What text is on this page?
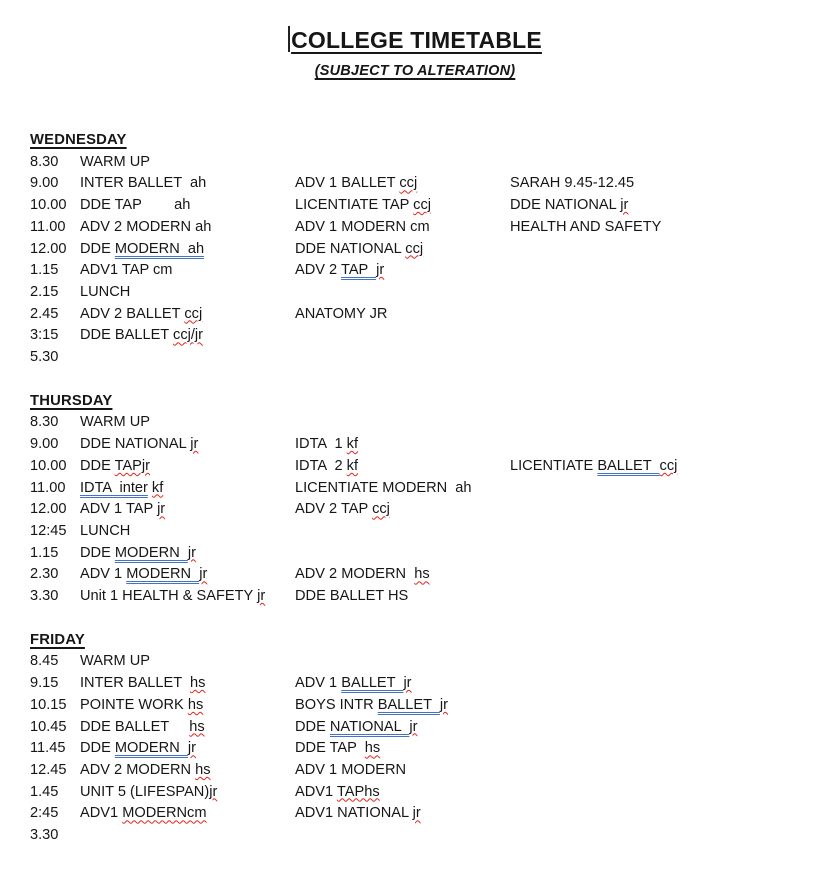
COLLEGE TIMETABLE
(SUBJECT TO ALTERATION)
WEDNESDAY
8.30	WARM UP
9.00	INTER BALLET  ah	ADV 1 BALLET ccj	SARAH 9.45-12.45
10.00 DDE TAP        ah	LICENTIATE TAP ccj	DDE NATIONAL jr
11.00 ADV 2 MODERN ah	ADV 1 MODERN cm	HEALTH AND SAFETY
12.00 DDE MODERN  ah	DDE NATIONAL ccj
1.15	ADV1 TAP cm	ADV 2 TAP  jr
2.15	LUNCH
2.45	ADV 2 BALLET ccj	ANATOMY JR
3:15	DDE BALLET ccj/jr
5.30
THURSDAY
8.30	WARM UP
9.00	DDE NATIONAL jr	IDTA  1 kf
10.00 DDE TAPjr	IDTA  2 kf	LICENTIATE BALLET  ccj
11.00 IDTA  inter kf	LICENTIATE MODERN  ah
12.00 ADV 1 TAP jr	ADV 2 TAP ccj
12:45 LUNCH
1.15	DDE MODERN  jr
2.30	ADV 1 MODERN  jr	ADV 2 MODERN  hs
3.30	Unit 1 HEALTH & SAFETY jr	DDE BALLET HS
FRIDAY
8.45	WARM UP
9.15	INTER BALLET  hs	ADV 1 BALLET  jr
10.15 POINTE WORK hs	BOYS INTR BALLET  jr
10.45 DDE BALLET     hs	DDE NATIONAL  jr
11.45 DDE MODERN  jr	DDE TAP  hs
12.45 ADV 2 MODERN hs	ADV 1 MODERN
1.45	UNIT 5 (LIFESPAN)jr	ADV1 TAPhs
2:45	ADV1 MODERNcm	ADV1 NATIONAL jr
3.30
